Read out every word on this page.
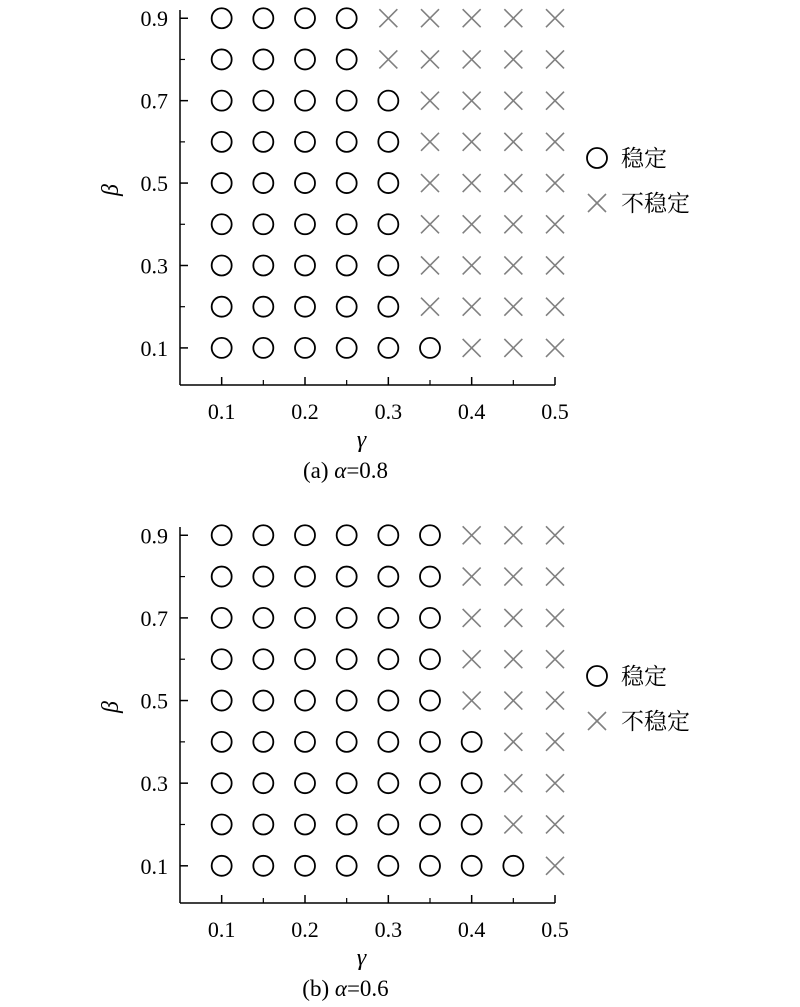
0.1	0.2	0.3	0.4	0.5
0.1
0.3
0.5
0.7
0.9
γ
β
(a) α=0.8
稳定
不稳定
0.1	0.2	0.3	0.4	0.5
0.1
0.3
0.5
0.7
0.9
γ
β
(b) α=0.6
稳定
不稳定
